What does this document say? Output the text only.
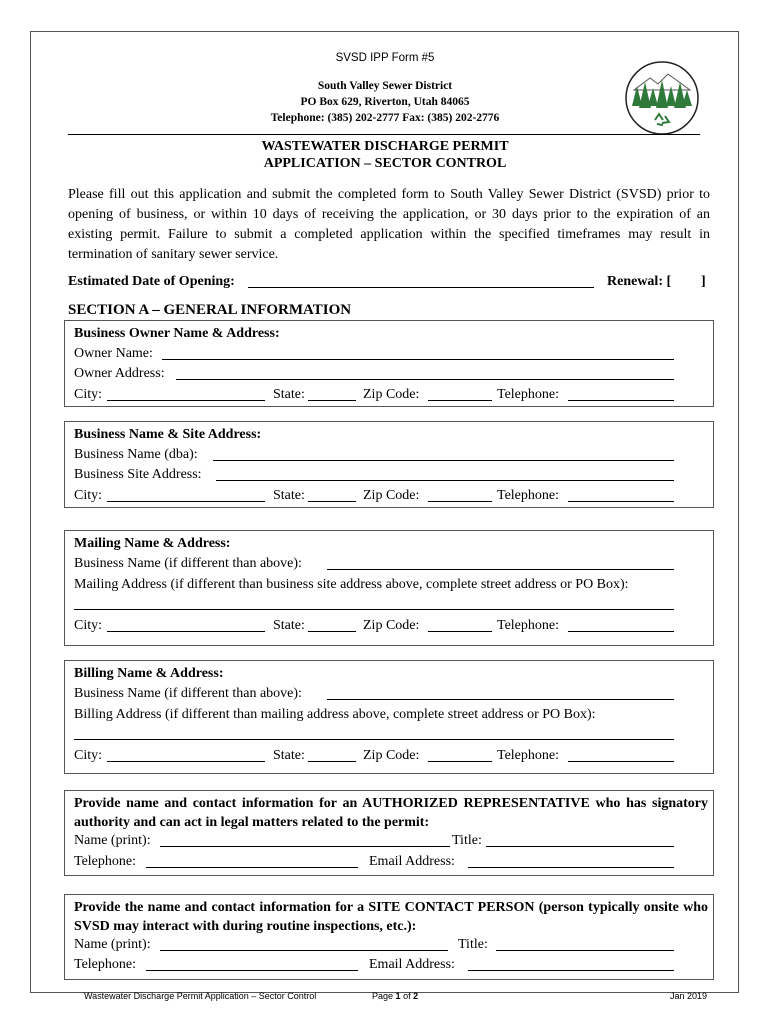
SVSD IPP Form #5
South Valley Sewer District
PO Box 629, Riverton, Utah 84065
Telephone: (385) 202-2777 Fax: (385) 202-2776
WASTEWATER DISCHARGE PERMIT
APPLICATION – SECTOR CONTROL
Please fill out this application and submit the completed form to South Valley Sewer District (SVSD) prior to opening of business, or within 10 days of receiving the application, or 30 days prior to the expiration of an existing permit. Failure to submit a completed application within the specified timeframes may result in termination of sanitary sewer service.
Estimated Date of Opening:	Renewal: [ ]
SECTION A – GENERAL INFORMATION
Business Owner Name & Address:
Owner Name:
Owner Address:
City:	State:	Zip Code:	Telephone:
Business Name & Site Address:
Business Name (dba):
Business Site Address:
City:	State:	Zip Code:	Telephone:
Mailing Name & Address:
Business Name (if different than above):
Mailing Address (if different than business site address above, complete street address or PO Box):
City:	State:	Zip Code:	Telephone:
Billing Name & Address:
Business Name (if different than above):
Billing Address (if different than mailing address above, complete street address or PO Box):
City:	State:	Zip Code:	Telephone:
Provide name and contact information for an AUTHORIZED REPRESENTATIVE who has signatory authority and can act in legal matters related to the permit:
Name (print):	Title:
Telephone:	Email Address:
Provide the name and contact information for a SITE CONTACT PERSON (person typically onsite who SVSD may interact with during routine inspections, etc.):
Name (print):	Title:
Telephone:	Email Address:
Wastewater Discharge Permit Application – Sector Control	Page 1 of 2	Jan 2019
